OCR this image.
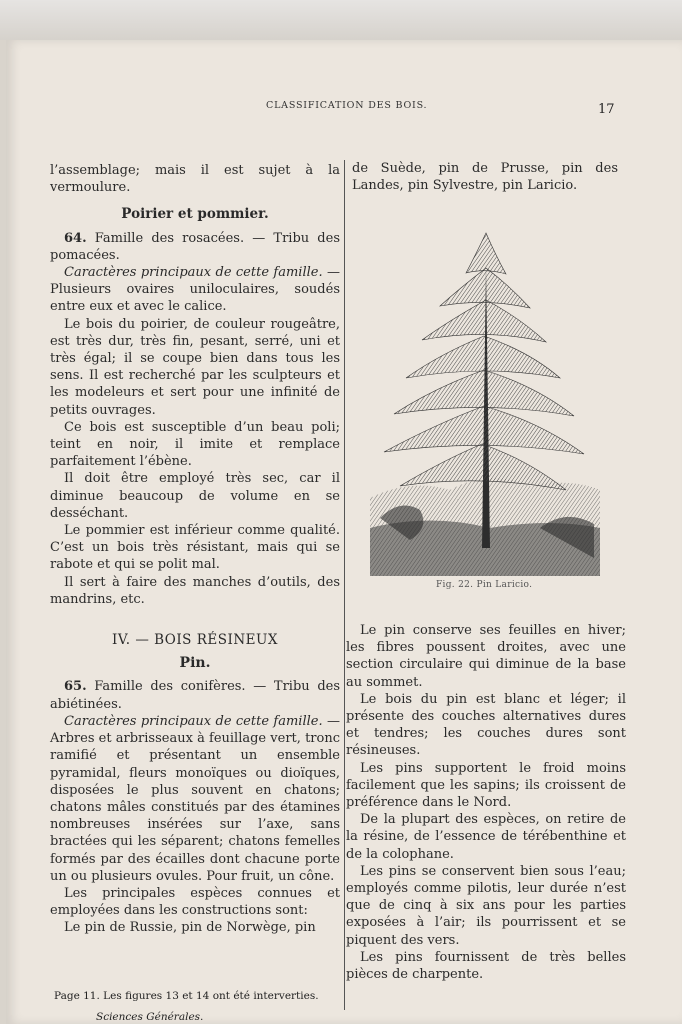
CLASSIFICATION DES BOIS.	17

l’assemblage; mais il est sujet à la vermoulure.

Poirier et pommier.

64. Famille des rosacées. — Tribu des pomacées.

Caractères principaux de cette famille. — Plusieurs ovaires uniloculaires, soudés entre eux et avec le calice.

Le bois du poirier, de couleur rougeâtre, est très dur, très fin, pesant, serré, uni et très égal; il se coupe bien dans tous les sens. Il est recherché par les sculpteurs et les modeleurs et sert pour une infinité de petits ouvrages.

Ce bois est susceptible d’un beau poli; teint en noir, il imite et remplace parfaitement l’ébène.

Il doit être employé très sec, car il diminue beaucoup de volume en se desséchant.

Le pommier est inférieur comme qualité. C’est un bois très résistant, mais qui se rabote et qui se polit mal.

Il sert à faire des manches d’outils, des mandrins, etc.

IV. — BOIS RÉSINEUX
Pin.

65. Famille des conifères. — Tribu des abiétinées.

Caractères principaux de cette famille. — Arbres et arbrisseaux à feuillage vert, tronc ramifié et présentant un ensemble pyramidal, fleurs monoïques ou dioïques, disposées le plus souvent en chatons; chatons mâles constitués par des étamines nombreuses insérées sur l’axe, sans bractées qui les séparent; chatons femelles formés par des écailles dont chacune porte un ou plusieurs ovules. Pour fruit, un cône.

Les principales espèces connues et employées dans les constructions sont:

Le pin de Russie, pin de Norwège, pin

de Suède, pin de Prusse, pin des Landes, pin Sylvestre, pin Laricio.

Fig. 22. Pin Laricio.

Le pin conserve ses feuilles en hiver; les fibres poussent droites, avec une section circulaire qui diminue de la base au sommet.

Le bois du pin est blanc et léger; il présente des couches alternatives dures et tendres; les couches dures sont résineuses.

Les pins supportent le froid moins facilement que les sapins; ils croissent de préférence dans le Nord.

De la plupart des espèces, on retire de la résine, de l’essence de térébenthine et de la colophane.

Les pins se conservent bien sous l’eau; employés comme pilotis, leur durée n’est que de cinq à six ans pour les parties exposées à l’air; ils pourrissent et se piquent des vers.

Les pins fournissent de très belles pièces de charpente.

Page 11. Les figures 13 et 14 ont été interverties.
Sciences Générales.
